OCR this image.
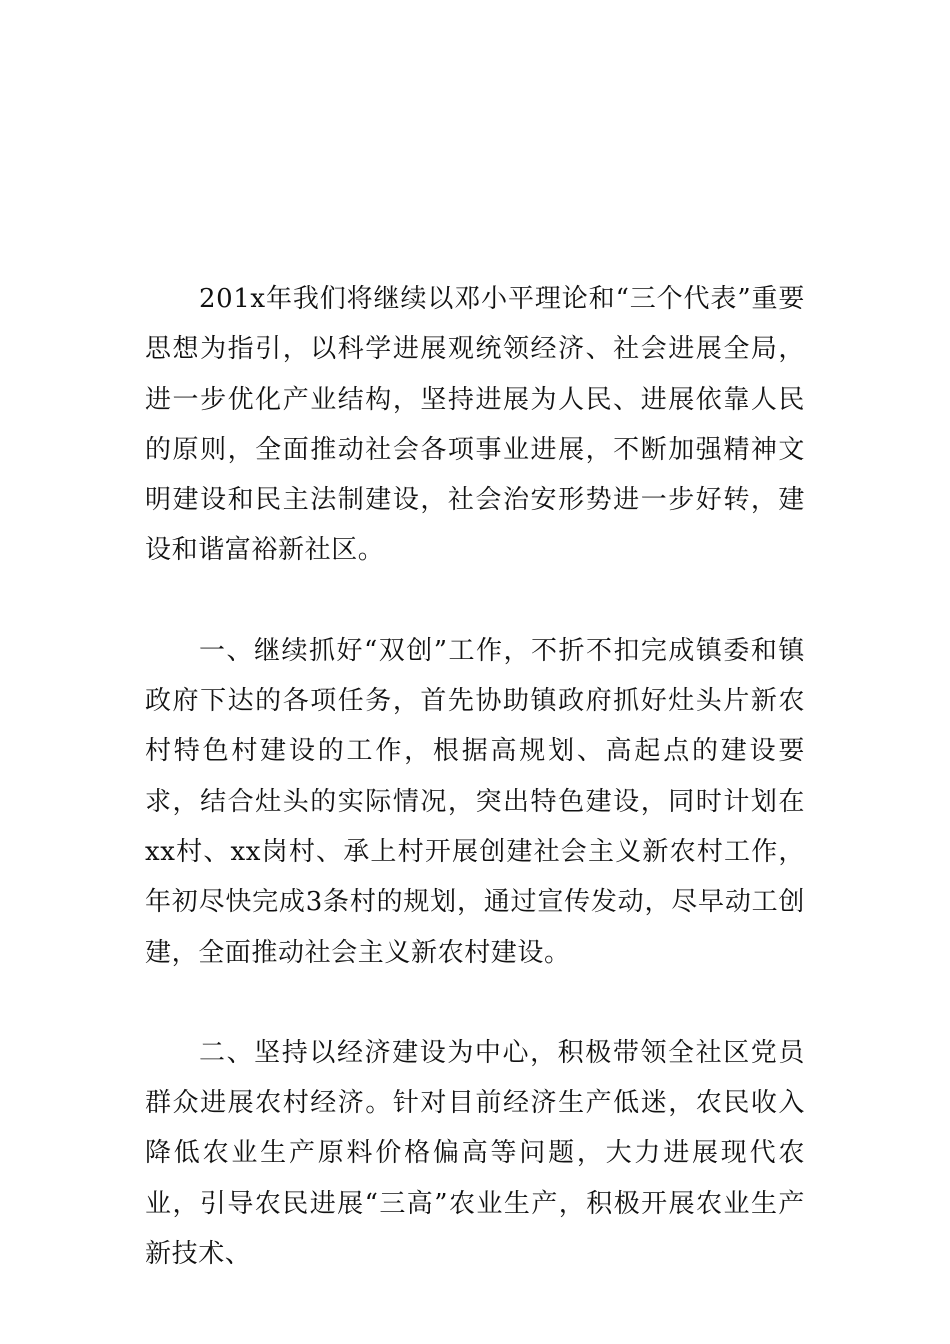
201x年我们将继续以邓小平理论和“三个代表”重要思想为指引，以科学进展观统领经济、社会进展全局，进一步优化产业结构，坚持进展为人民、进展依靠人民的原则，全面推动社会各项事业进展，不断加强精神文明建设和民主法制建设，社会治安形势进一步好转，建设和谐富裕新社区。

一、继续抓好“双创”工作，不折不扣完成镇委和镇政府下达的各项任务，首先协助镇政府抓好灶头片新农村特色村建设的工作，根据高规划、高起点的建设要求，结合灶头的实际情况，突出特色建设，同时计划在xx村、xx岗村、承上村开展创建社会主义新农村工作，年初尽快完成3条村的规划，通过宣传发动，尽早动工创建，全面推动社会主义新农村建设。

二、坚持以经济建设为中心，积极带领全社区党员群众进展农村经济。针对目前经济生产低迷，农民收入降低农业生产原料价格偏高等问题，大力进展现代农业，引导农民进展“三高”农业生产，积极开展农业生产新技术、
